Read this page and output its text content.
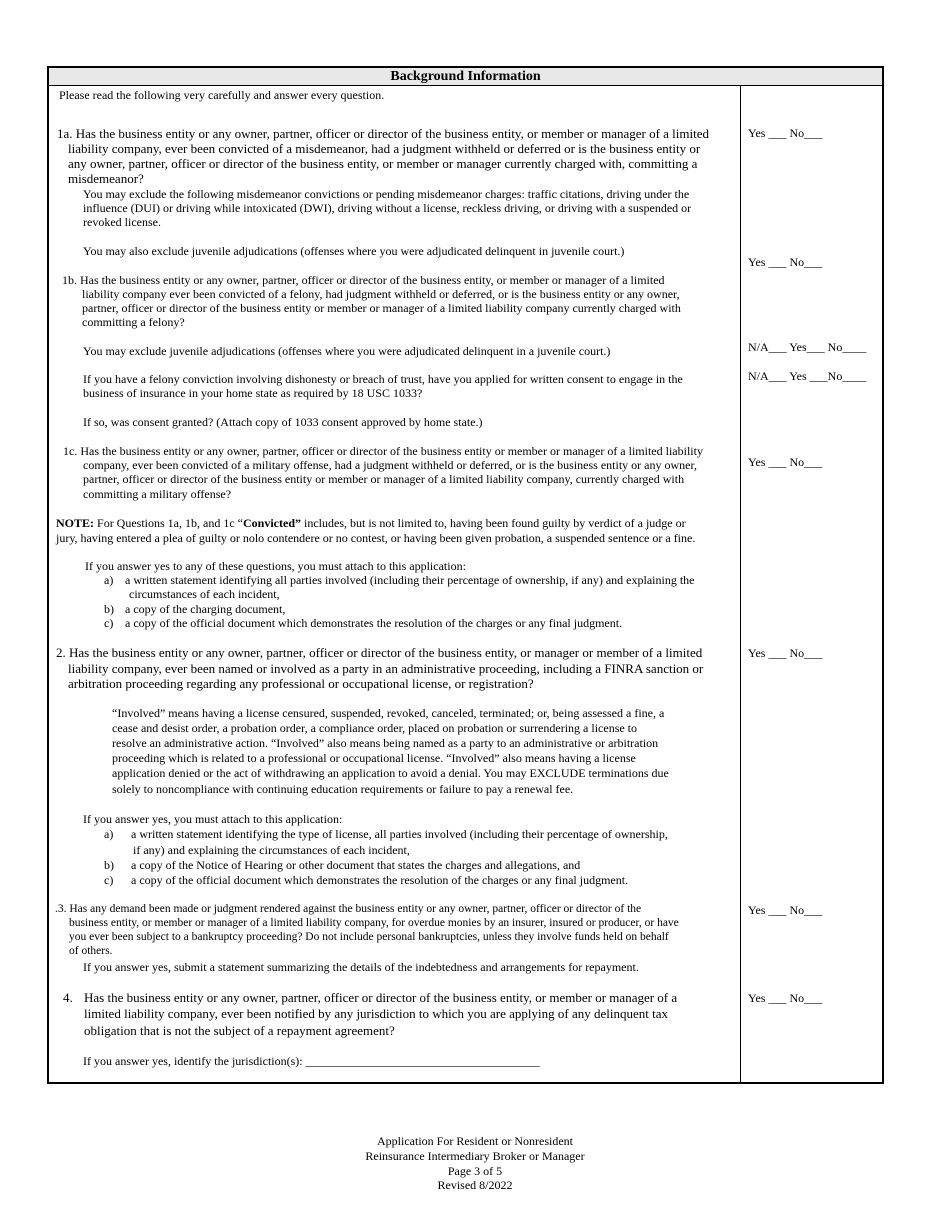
Background Information
Please read the following very carefully and answer every question.
1a. Has the business entity or any owner, partner, officer or director of the business entity, or member or manager of a limited
liability company, ever been convicted of a misdemeanor, had a judgment withheld or deferred or is the business entity or
any owner, partner, officer or director of the business entity, or member or manager currently charged with, committing a
misdemeanor?
You may exclude the following misdemeanor convictions or pending misdemeanor charges: traffic citations, driving under the
influence (DUI) or driving while intoxicated (DWI), driving without a license, reckless driving, or driving with a suspended or
revoked license.
You may also exclude juvenile adjudications (offenses where you were adjudicated delinquent in juvenile court.)
Yes ___ No___
1b. Has the business entity or any owner, partner, officer or director of the business entity, or member or manager of a limited
liability company ever been convicted of a felony, had judgment withheld or deferred, or is the business entity or any owner,
partner, officer or director of the business entity or member or manager of a limited liability company currently charged with
committing a felony?
Yes ___ No___
You may exclude juvenile adjudications (offenses where you were adjudicated delinquent in a juvenile court.)	N/A___ Yes___ No____
If you have a felony conviction involving dishonesty or breach of trust, have you applied for written consent to engage in the
business of insurance in your home state as required by 18 USC 1033?
N/A___ Yes ___No____
If so, was consent granted? (Attach copy of 1033 consent approved by home state.)
1c. Has the business entity or any owner, partner, officer or director of the business entity or member or manager of a limited liability
company, ever been convicted of a military offense, had a judgment withheld or deferred, or is the business entity or any owner,
partner, officer or director of the business entity or member or manager of a limited liability company, currently charged with
committing a military offense?
Yes ___ No___
NOTE: For Questions 1a, 1b, and 1c “Convicted” includes, but is not limited to, having been found guilty by verdict of a judge or
jury, having entered a plea of guilty or nolo contendere or no contest, or having been given probation, a suspended sentence or a fine.
If you answer yes to any of these questions, you must attach to this application:
a) a written statement identifying all parties involved (including their percentage of ownership, if any) and explaining the
circumstances of each incident,
b) a copy of the charging document,
c) a copy of the official document which demonstrates the resolution of the charges or any final judgment.
2. Has the business entity or any owner, partner, officer or director of the business entity, or manager or member of a limited
liability company, ever been named or involved as a party in an administrative proceeding, including a FINRA sanction or
arbitration proceeding regarding any professional or occupational license, or registration?
Yes ___ No___
“Involved” means having a license censured, suspended, revoked, canceled, terminated; or, being assessed a fine, a
cease and desist order, a probation order, a compliance order, placed on probation or surrendering a license to
resolve an administrative action. “Involved” also means being named as a party to an administrative or arbitration
proceeding which is related to a professional or occupational license. “Involved” also means having a license
application denied or the act of withdrawing an application to avoid a denial. You may EXCLUDE terminations due
solely to noncompliance with continuing education requirements or failure to pay a renewal fee.
If you answer yes, you must attach to this application:
a) a written statement identifying the type of license, all parties involved (including their percentage of ownership,
if any) and explaining the circumstances of each incident,
b) a copy of the Notice of Hearing or other document that states the charges and allegations, and
c) a copy of the official document which demonstrates the resolution of the charges or any final judgment.
.3. Has any demand been made or judgment rendered against the business entity or any owner, partner, officer or director of the
business entity, or member or manager of a limited liability company, for overdue monies by an insurer, insured or producer, or have
you ever been subject to a bankruptcy proceeding? Do not include personal bankruptcies, unless they involve funds held on behalf
of others.
If you answer yes, submit a statement summarizing the details of the indebtedness and arrangements for repayment.
Yes ___ No___
4. Has the business entity or any owner, partner, officer or director of the business entity, or member or manager of a
limited liability company, ever been notified by any jurisdiction to which you are applying of any delinquent tax
obligation that is not the subject of a repayment agreement?
Yes ___ No___
If you answer yes, identify the jurisdiction(s): _______________________________________
Application For Resident or Nonresident
Reinsurance Intermediary Broker or Manager
Page 3 of 5
Revised 8/2022
